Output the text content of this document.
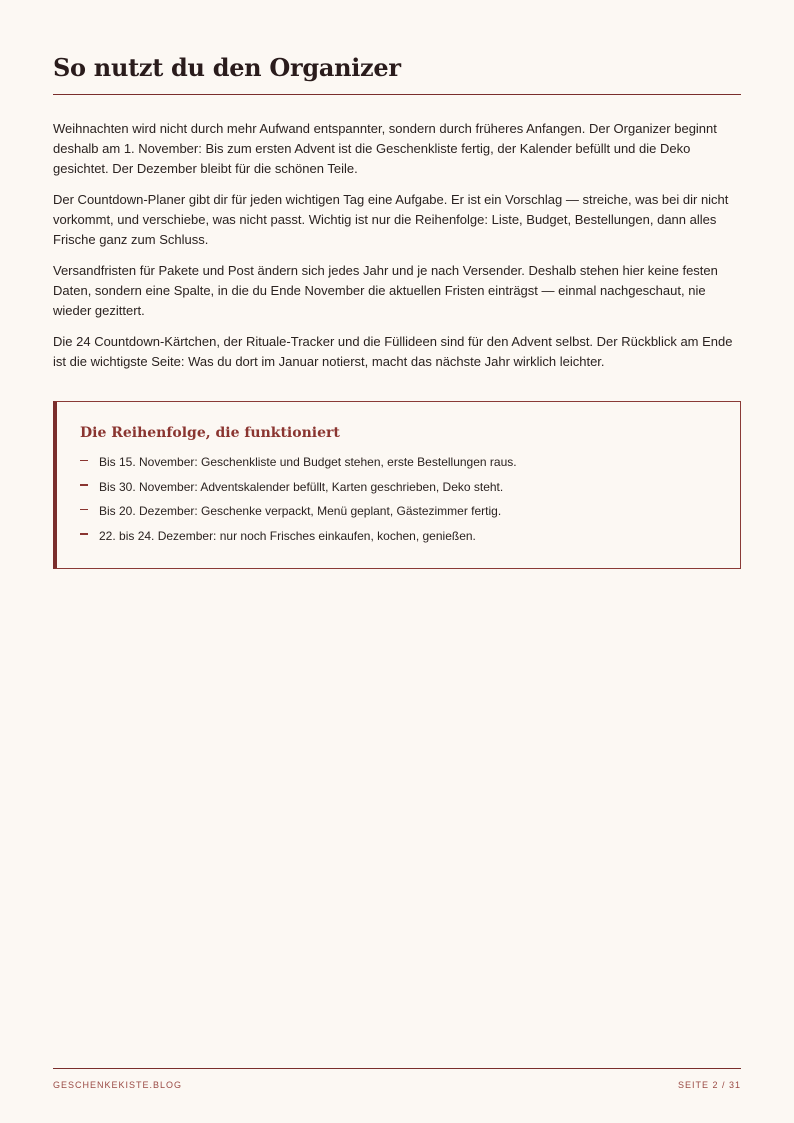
So nutzt du den Organizer

Weihnachten wird nicht durch mehr Aufwand entspannter, sondern durch früheres Anfangen. Der Organizer beginnt deshalb am 1. November: Bis zum ersten Advent ist die Geschenkliste fertig, der Kalender befüllt und die Deko gesichtet. Der Dezember bleibt für die schönen Teile.

Der Countdown-Planer gibt dir für jeden wichtigen Tag eine Aufgabe. Er ist ein Vorschlag — streiche, was bei dir nicht vorkommt, und verschiebe, was nicht passt. Wichtig ist nur die Reihenfolge: Liste, Budget, Bestellungen, dann alles Frische ganz zum Schluss.

Versandfristen für Pakete und Post ändern sich jedes Jahr und je nach Versender. Deshalb stehen hier keine festen Daten, sondern eine Spalte, in die du Ende November die aktuellen Fristen einträgst — einmal nachgeschaut, nie wieder gezittert.

Die 24 Countdown-Kärtchen, der Rituale-Tracker und die Füllideen sind für den Advent selbst. Der Rückblick am Ende ist die wichtigste Seite: Was du dort im Januar notierst, macht das nächste Jahr wirklich leichter.

Die Reihenfolge, die funktioniert
Bis 15. November: Geschenkliste und Budget stehen, erste Bestellungen raus.
Bis 30. November: Adventskalender befüllt, Karten geschrieben, Deko steht.
Bis 20. Dezember: Geschenke verpackt, Menü geplant, Gästezimmer fertig.
22. bis 24. Dezember: nur noch Frisches einkaufen, kochen, genießen.
GESCHENKEKISTE.BLOG	SEITE 2 / 31
